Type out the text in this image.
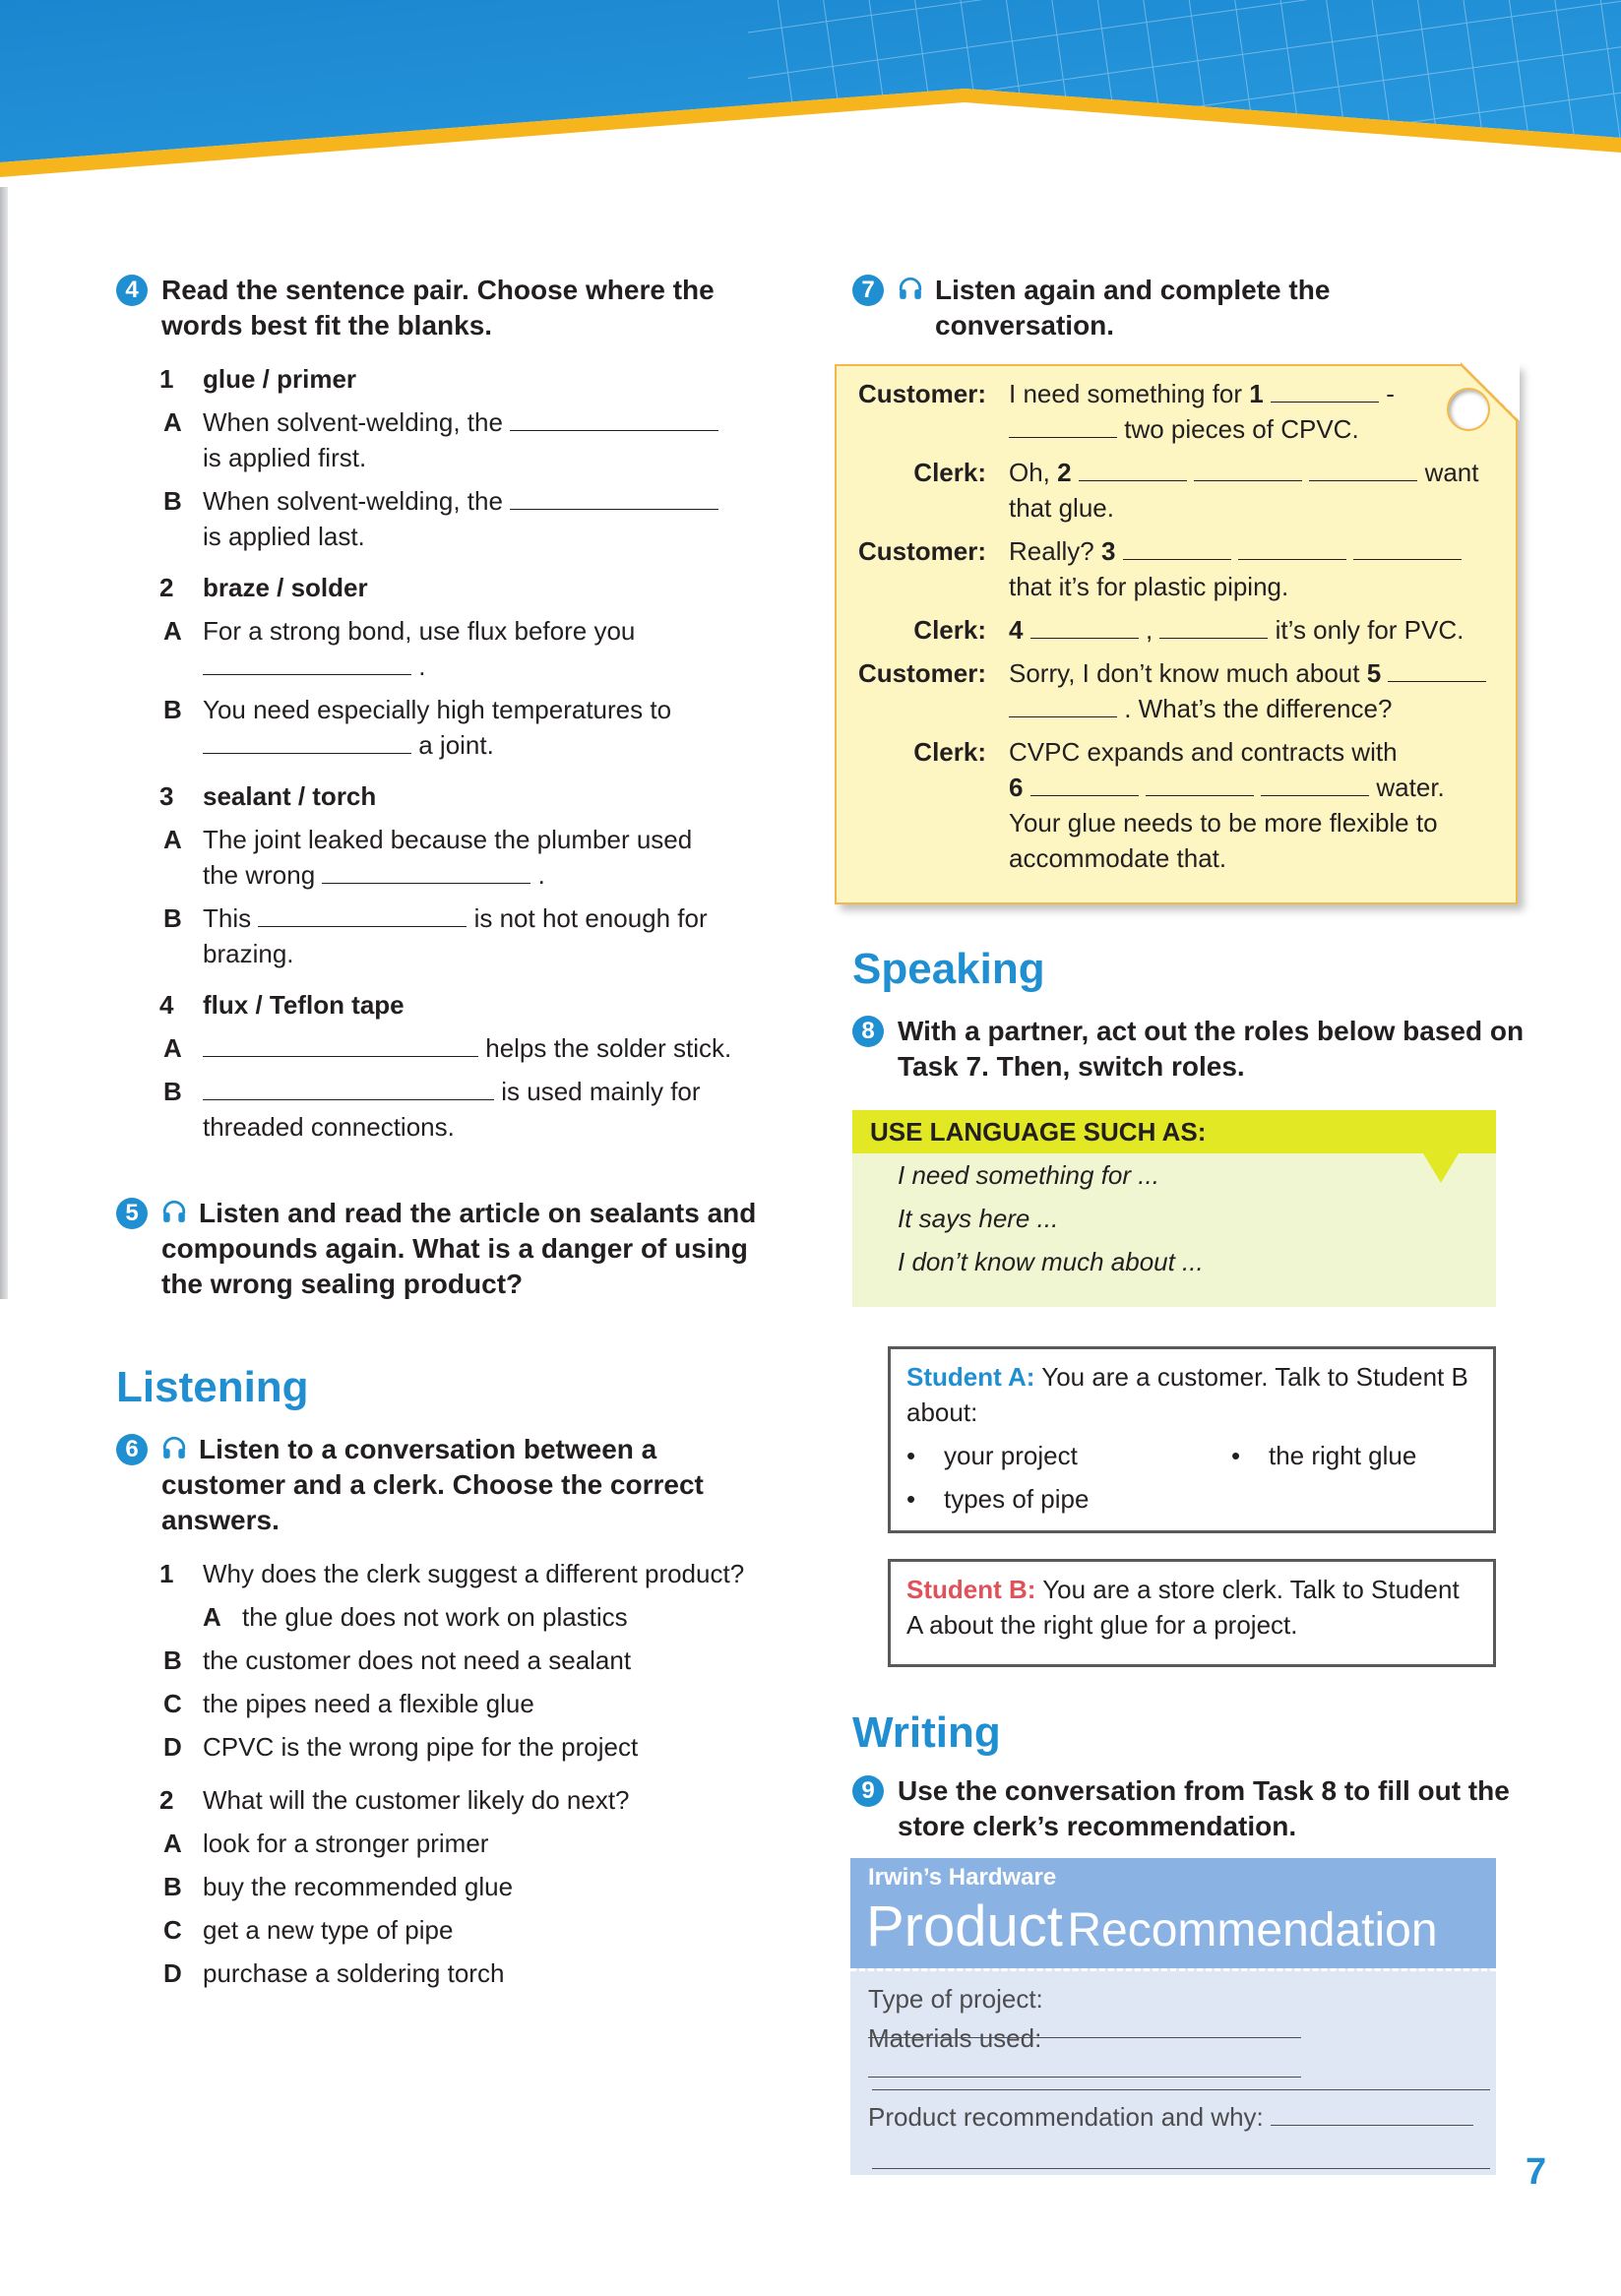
4 Read the sentence pair. Choose where the words best fit the blanks.
1 glue / primer
A When solvent-welding, the
is applied first.
B When solvent-welding, the
is applied last.
2 braze / solder
A For a strong bond, use flux before you
.
B You need especially high temperatures to
a joint.
3 sealant / torch
A The joint leaked because the plumber used
the wrong	.
B This	is not hot enough for
brazing.
4 flux / Teflon tape
A	helps the solder stick.
B	is used mainly for
threaded connections.
5	Listen and read the article on sealants and compounds again. What is a danger of using the wrong sealing product?
Listening
6	Listen to a conversation between a customer and a clerk. Choose the correct answers.
1 Why does the clerk suggest a different product?
A the glue does not work on plastics
B the customer does not need a sealant
C the pipes need a flexible glue
D CPVC is the wrong pipe for the project
2 What will the customer likely do next?
A look for a stronger primer
B buy the recommended glue
C get a new type of pipe
D purchase a soldering torch
7	Listen again and complete the conversation.
Customer: I need something for 1	-
two pieces of CPVC.
Clerk: Oh, 2	want
that glue.
Customer: Really? 3
that it’s for plastic piping.
Clerk: 4	,	it’s only for PVC.
Customer: Sorry, I don’t know much about 5
. What’s the difference?
Clerk: CVPC expands and contracts with
6	water.
Your glue needs to be more flexible to
accommodate that.
Speaking
8 With a partner, act out the roles below based on Task 7. Then, switch roles.
USE LANGUAGE SUCH AS:
I need something for ...
It says here ...
I don’t know much about ...
Student A: You are a customer. Talk to Student B about:
•    your project	•    the right glue
•    types of pipe
Student B: You are a store clerk. Talk to Student A about the right glue for a project.
Writing
9 Use the conversation from Task 8 to fill out the store clerk’s recommendation.
Irwin’s Hardware
Product Recommendation
Type of project:
Materials used:

Product recommendation and why:

7
